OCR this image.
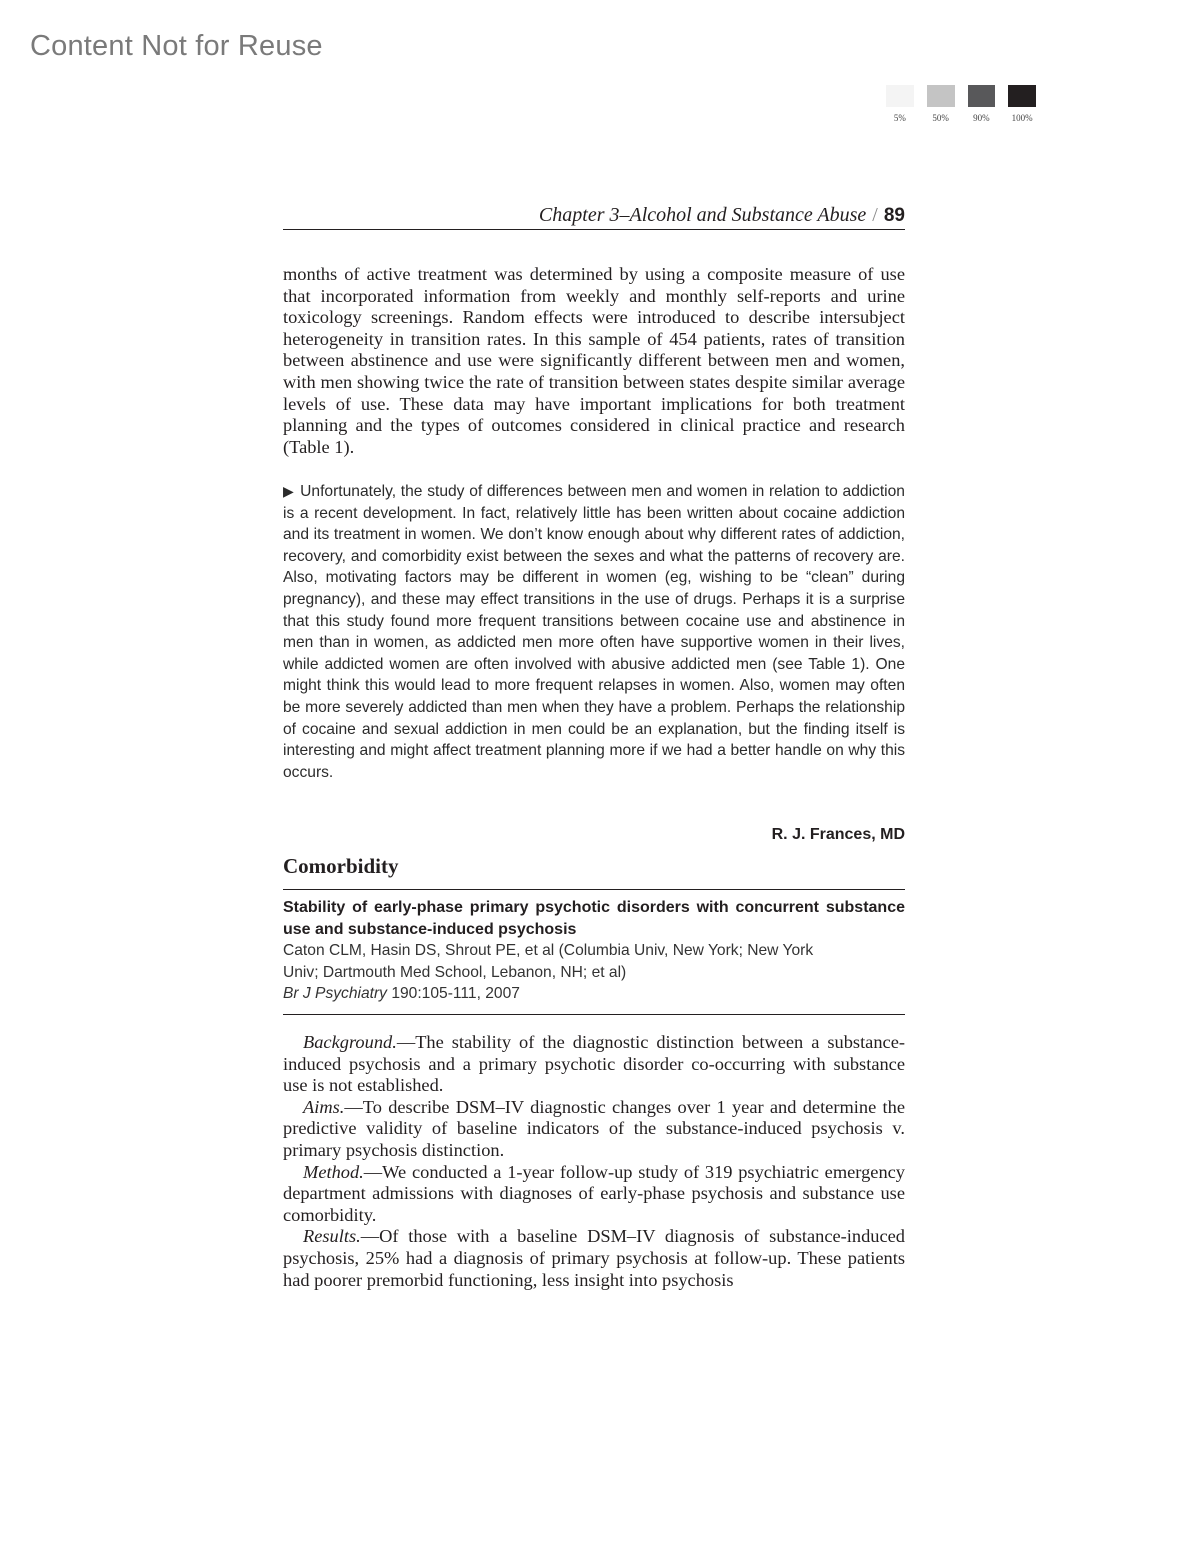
Content Not for Reuse
5%	50%	90%	100%
Chapter 3–Alcohol and Substance Abuse / 89
months of active treatment was determined by using a composite measure of use that incorporated information from weekly and monthly self-reports and urine toxicology screenings. Random effects were introduced to describe intersubject heterogeneity in transition rates. In this sample of 454 patients, rates of transition between abstinence and use were significantly different between men and women, with men showing twice the rate of transition between states despite similar average levels of use. These data may have important implications for both treatment planning and the types of outcomes considered in clinical practice and research (Table 1).
▶ Unfortunately, the study of differences between men and women in relation to addiction is a recent development. In fact, relatively little has been written about cocaine addiction and its treatment in women. We don’t know enough about why different rates of addiction, recovery, and comorbidity exist between the sexes and what the patterns of recovery are. Also, motivating factors may be different in women (eg, wishing to be “clean” during pregnancy), and these may effect transitions in the use of drugs. Perhaps it is a surprise that this study found more frequent transitions between cocaine use and abstinence in men than in women, as addicted men more often have supportive women in their lives, while addicted women are often involved with abusive addicted men (see Table 1). One might think this would lead to more frequent relapses in women. Also, women may often be more severely addicted than men when they have a problem. Perhaps the relationship of cocaine and sexual addiction in men could be an explanation, but the finding itself is interesting and might affect treatment planning more if we had a better handle on why this occurs.
R. J. Frances, MD
Comorbidity
Stability of early-phase primary psychotic disorders with concurrent substance use and substance-induced psychosis
Caton CLM, Hasin DS, Shrout PE, et al (Columbia Univ, New York; New York
Univ; Dartmouth Med School, Lebanon, NH; et al)
Br J Psychiatry 190:105-111, 2007

Background.—The stability of the diagnostic distinction between a substance-induced psychosis and a primary psychotic disorder co-occurring with substance use is not established.

Aims.—To describe DSM–IV diagnostic changes over 1 year and determine the predictive validity of baseline indicators of the substance-induced psychosis v. primary psychosis distinction.

Method.—We conducted a 1-year follow-up study of 319 psychiatric emergency department admissions with diagnoses of early-phase psychosis and substance use comorbidity.

Results.—Of those with a baseline DSM–IV diagnosis of substance-induced psychosis, 25% had a diagnosis of primary psychosis at follow-up. These patients had poorer premorbid functioning, less insight into psychosis
